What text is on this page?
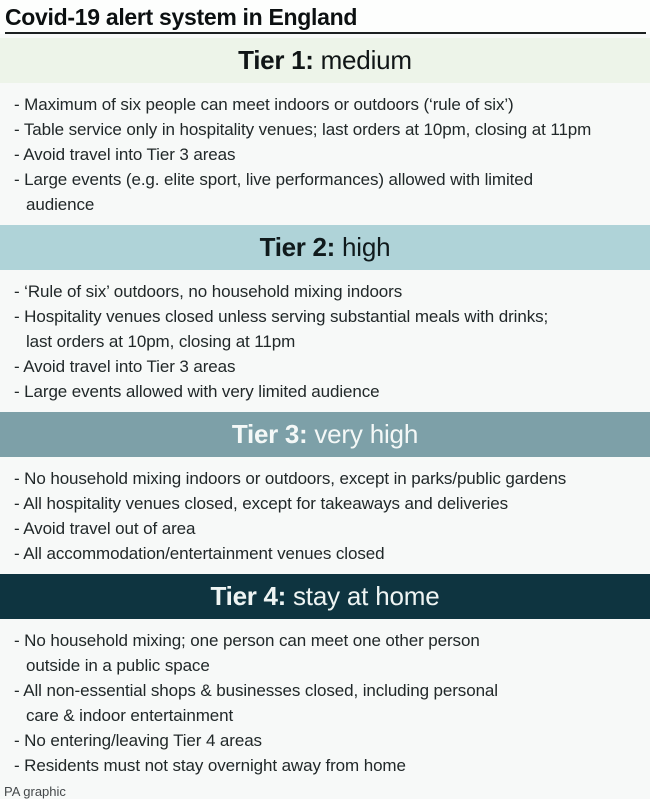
Covid-19 alert system in England
Tier 1: medium
- Maximum of six people can meet indoors or outdoors (‘rule of six’)
- Table service only in hospitality venues; last orders at 10pm, closing at 11pm
- Avoid travel into Tier 3 areas
- Large events (e.g. elite sport, live performances) allowed with limited
audience
Tier 2: high
- ‘Rule of six’ outdoors, no household mixing indoors
- Hospitality venues closed unless serving substantial meals with drinks;
last orders at 10pm, closing at 11pm
- Avoid travel into Tier 3 areas
- Large events allowed with very limited audience
Tier 3: very high
- No household mixing indoors or outdoors, except in parks/public gardens
- All hospitality venues closed, except for takeaways and deliveries
- Avoid travel out of area
- All accommodation/entertainment venues closed
Tier 4: stay at home
- No household mixing; one person can meet one other person
outside in a public space
- All non-essential shops & businesses closed, including personal
care & indoor entertainment
- No entering/leaving Tier 4 areas
- Residents must not stay overnight away from home
PA graphic
